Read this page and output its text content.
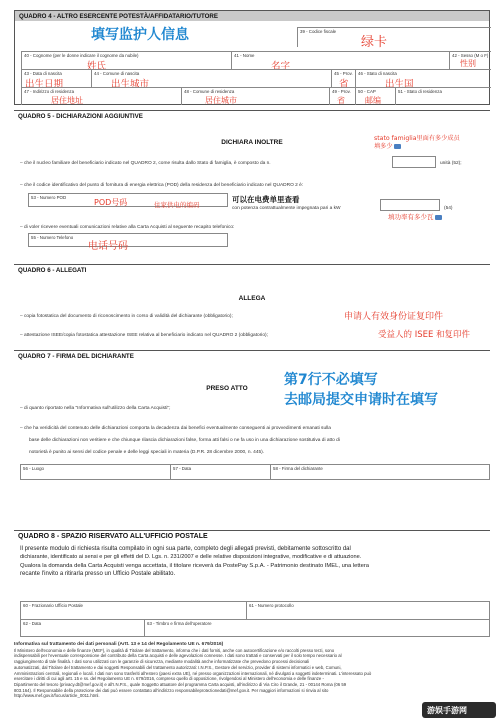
QUADRO 4 - ALTRO ESERCENTE POTESTÀ/AFFIDATARIO/TUTORE
填写监护人信息	39 - Codice fiscale
绿卡
40 - Cognome (per le donne indicare il cognome da nubile)
姓氏
41 - Nome
名字
42 - Sesso (M o F)
性别
43 - Data di nascita
出生日期
44 - Comune di nascita
出生城市
45 - Prov.
省
46 - Stato di nascita
出生国
47 - Indirizzo di residenza
居住地址
48 - Comune di residenza
居住城市
49 - Prov.
省
50 - CAP
邮编
51 - Stato di residenza
QUADRO 5 - DICHIARAZIONI AGGIUNTIVE
DICHIARA INOLTRE
stato famiglia里面有多少成员填多少
– che il nucleo familiare del beneficiario indicato nel QUADRO 2, come risulta dallo Stato di famiglia, è composto da n.	unità (52);
– che il codice identificativo del punto di fornitura di energia elettrica (POD) della residenza del beneficiario indicato nel QUADRO 2 è:
53 - Numero POD
POD号码	住家供电的编码
可以在电费单里查看
con potenza contrattualmente impegnata pari a kW	(54)
填功率有多少瓦
– di voler ricevere eventuali comunicazioni relative alla Carta Acquisti al seguente recapito telefonico:
55 - Numero Telefono
电话号码
QUADRO 6 - ALLEGATI
ALLEGA
– copia fotostatica del documento di riconoscimento in corso di validità del dichiarante (obbligatorio);	申请人有效身份证复印件
– attestazione ISEE/copia fotostatica attestazione ISEE relativa al beneficiario indicato nel QUADRO 2 (obbligatorio);	受益人的 ISEE 和复印件
QUADRO 7 - FIRMA DEL DICHIARANTE
PRESO ATTO
第7行不必填写
去邮局提交申请时在填写
– di quanto riportato nella "Informativa sull'utilizzo della Carta Acquisti";
– che ha veridicità del contenuto delle dichiarazioni comporta la decadenza dai benefici eventualmente conseguenti ai provvedimenti emanati sulla
base delle dichiarazioni non veritiere e che chiunque rilascia dichiarazioni false, forma atti falsi o ne fa uso in una dichiarazione sostitutiva di atto di
notorietà è punito ai sensi del codice penale e delle leggi speciali in materia (D.P.R. 28 dicembre 2000, n. 445).
56 - Luogo	57 - Data	58 - Firma del dichiarante
QUADRO 8 - SPAZIO RISERVATO ALL'UFFICIO POSTALE
Il presente modulo di richiesta risulta compilato in ogni sua parte, completo degli allegati previsti, debitamente sottoscritto dal
dichiarante, identificato ai sensi e per gli effetti del D. Lgs. n. 231/2007 e delle relative disposizioni integrative, modificative e di attuazione.
Qualora la domanda della Carta Acquisti venga accettata, il titolare riceverà da PostePay S.p.A. - Patrimonio destinato IMEL, una lettera
recante l'invito a ritirarla presso un Ufficio Postale abilitato.
60 - Frazionario Ufficio Postale	61 - Numero protocollo
62 - Data	63 - Timbro e firma dell'operatore
Informativa sul trattamento dei dati personali (Artt. 13 e 14 del Regolamento UE n. 679/2016)
Il Ministero dell'economia e delle finanze (MEF), in qualità di Titolare del trattamento, informa che i dati forniti, anche con autocertificazione e/o raccolti presso terzi, sono
indispensabili per l'eventuale corresponsione del contributo della Carta acquisti e delle agevolazioni connesse. I dati sono trattati e conservati per il solo tempo necessario al
raggiungimento di tale finalità. I dati sono utilizzati con le garanzie di sicurezza, mediante modalità anche informatizzate che prevedono processi decisionali
automatizzati, dal Titolare del trattamento e dai soggetti Responsabili del trattamento autorizzati: I.N.P.S., Gestore del servizio, provider di sistemi informatici e web, Comuni,
Amministrazioni centrali, regionali e locali. I dati non sono trasferiti all'estero (paesi extra UE), né presso organizzazioni internazionali, né divulgati a soggetti indeterminati. L'interessato può
esercitare i diritti di cui agli artt. 15 e ss. del Regolamento UE n. 679/2016, compreso quello di opposizione, rivolgendosi al Ministero dell'economia e delle finanze -
Dipartimento del tesoro (privacy.dt@mef.gov.it) e all'I.N.P.S., quale Soggetto attuatore del programma Carta acquisti, all'indirizzo di Via Ciro il Grande, 21 - 00144 Roma (06 59
803.164). Il Responsabile della protezione dei dati può essere contattato all'indirizzo responsabileprotezionedati@mef.gov.it. Per maggiori informazioni si rinvia al sito
http://www.mef.gov.it/focus/article_0011.html.
游娱手游网
